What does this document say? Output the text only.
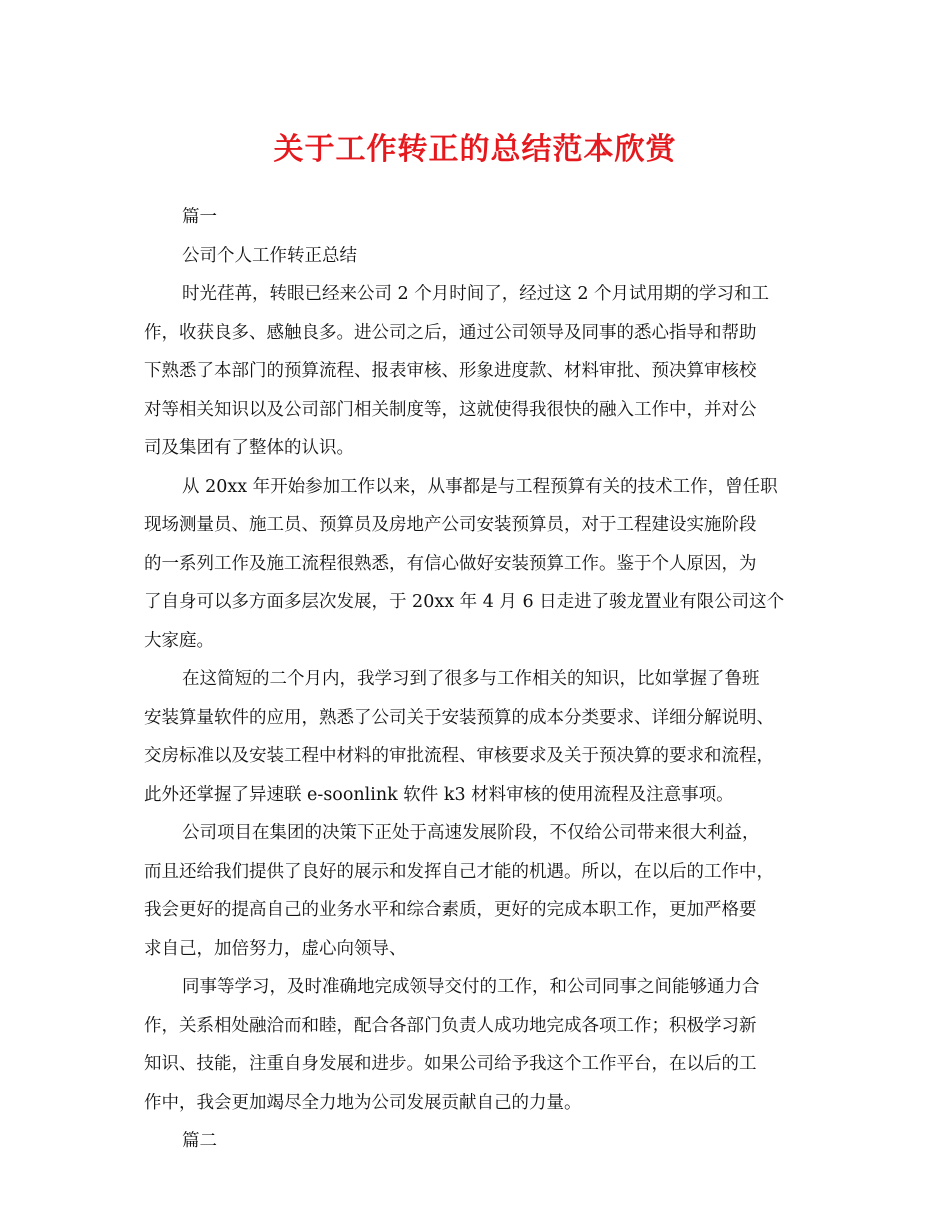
关于工作转正的总结范本欣赏
篇一
公司个人工作转正总结
时光荏苒，转眼已经来公司 2 个月时间了，经过这 2 个月试用期的学习和工
作，收获良多、感触良多。进公司之后，通过公司领导及同事的悉心指导和帮助
下熟悉了本部门的预算流程、报表审核、形象进度款、材料审批、预决算审核校
对等相关知识以及公司部门相关制度等，这就使得我很快的融入工作中，并对公
司及集团有了整体的认识。
从 20xx 年开始参加工作以来，从事都是与工程预算有关的技术工作，曾任职
现场测量员、施工员、预算员及房地产公司安装预算员，对于工程建设实施阶段
的一系列工作及施工流程很熟悉，有信心做好安装预算工作。鉴于个人原因，为
了自身可以多方面多层次发展，于 20xx 年 4 月 6 日走进了骏龙置业有限公司这个
大家庭。
在这简短的二个月内，我学习到了很多与工作相关的知识，比如掌握了鲁班
安装算量软件的应用，熟悉了公司关于安装预算的成本分类要求、详细分解说明、
交房标准以及安装工程中材料的审批流程、审核要求及关于预决算的要求和流程，
此外还掌握了异速联 e-soonlink 软件 k3 材料审核的使用流程及注意事项。
公司项目在集团的决策下正处于高速发展阶段，不仅给公司带来很大利益，
而且还给我们提供了良好的展示和发挥自己才能的机遇。所以，在以后的工作中，
我会更好的提高自己的业务水平和综合素质，更好的完成本职工作，更加严格要
求自己，加倍努力，虚心向领导、
同事等学习，及时准确地完成领导交付的工作，和公司同事之间能够通力合
作，关系相处融洽而和睦，配合各部门负责人成功地完成各项工作；积极学习新
知识、技能，注重自身发展和进步。如果公司给予我这个工作平台，在以后的工
作中，我会更加竭尽全力地为公司发展贡献自己的力量。
篇二
